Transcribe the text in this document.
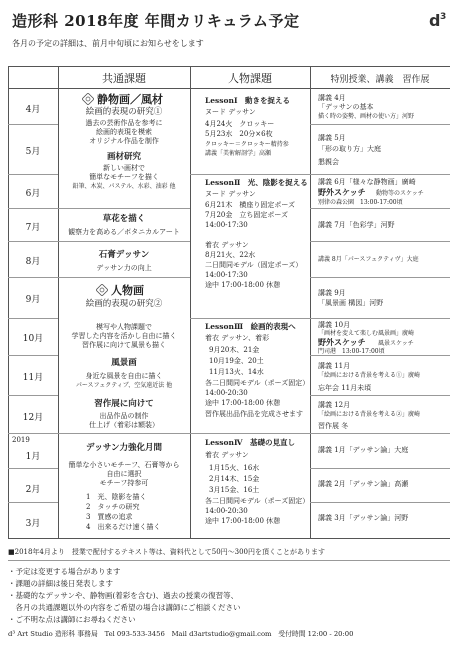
造形科 2018年度 年間カリキュラム予定
各月の予定の詳細は、前月中旬頃にお知らせをします
d 3
共通課題	人物課題	特別授業、講義　習作展
4月
5月
6月
7月
8月
9月
10月
11月
12月
2019
1月
2月
3月
静物画／風材
絵画的表現の研究①
過去の芸術作品を参考に
絵画的表現を模索
オリジナル作品を制作
画材研究
新しい画材で
簡単なモチーフを描く
鉛筆、木炭、パステル、水彩、油彩 他
草花を描く
観察力を高める／ボタニカルアート
石膏デッサン
デッサン力の向上
人物画
絵画的表現の研究②
模写や人物課題で
学習した内容を活かし自由に描く
習作展に向けて風景も描く
風景画
身近な風景を自由に描く
パースフェクティブ、空気遠近法 他
習作展に向けて
出品作品の制作
仕上げ（着彩は額装）
デッサン力強化月間
簡単な小さいモチーフ、石膏等から
自由に選択
モチーフ持参可
1　光、陰影を描く
2　タッチの研究
3　質感の追求
4　出来るだけ速く描く
LessonⅠ　動きを捉える
ヌード デッサン
4月24火　クロッキー
5月23水　20分×6枚
クロッキー＝クロッキー精持参
講義「美術解剖学」高瀬
LessonⅡ　光、陰影を捉える
ヌード デッサン
6月21木　横座り固定ポーズ
7月20金　立ち固定ポーズ
14:00-17:30
着衣 デッサン
8月21火、22水
二日間同モデル（固定ポーズ）
14:00-17:30
途中 17:00-18:00 休憩
LessonⅢ　絵画的表現へ
着衣 デッサン、着彩
9月20木、21金
10月19金、20土
11月13火、14水
各二日間同モデル（ポーズ固定）
14:00-20:30
途中 17:00-18:00 休憩
習作展出品作品を完成させます
LessonⅣ　基礎の見直し
着衣 デッサン
1月15火、16水
2月14木、15金
3月15金、16土
各二日間同モデル（ポーズ固定）
14:00-20:30
途中 17:00-18:00 休憩
講義 4月
「デッサンの基本
描く時の姿勢、画材の使い方」河野
講義 5月
「形の取り方」大庭
懇親会
講義 6月「様々な静物画」廣崎
野外スケッチ 動物等のスケッチ
別律の森公園　13:00-17:00頃
講義 7月「色彩学」河野
講義 8月「パースフェクティヴ」大庭
講義 9月
「風景画 構図」河野
講義 10月
「画材を変えて楽しむ風景画」廣崎
野外スケッチ 風景スケッチ
門司港　13:00-17:00頃
講義 11月
「絵画における背景を考える①」廣崎
忘年会 11月未頃
講義 12月
「絵画における背景を考える②」廣崎
習作展 冬
講義 1月「デッサン論」大庭
講義 2月「デッサン論」高瀬
講義 3月「デッサン論」河野
■2018年4月より　授業で配付するテキスト等は、資料代として50円〜300円を頂くことがあります
・予定は変更する場合があります
・課題の詳細は後日発表します
・基礎的なデッサンや、静物画(着彩を含む)、過去の授業の復習等、
　各月の共通課題以外の内容をご希望の場合は講師にご相談ください
・ご不明な点は講師にお尋ねください
d³ Art Studio 造形科 事務局　Tel 093-533-3456　Mail d3artstudio@gmail.com　受付時間 12:00 - 20:00
